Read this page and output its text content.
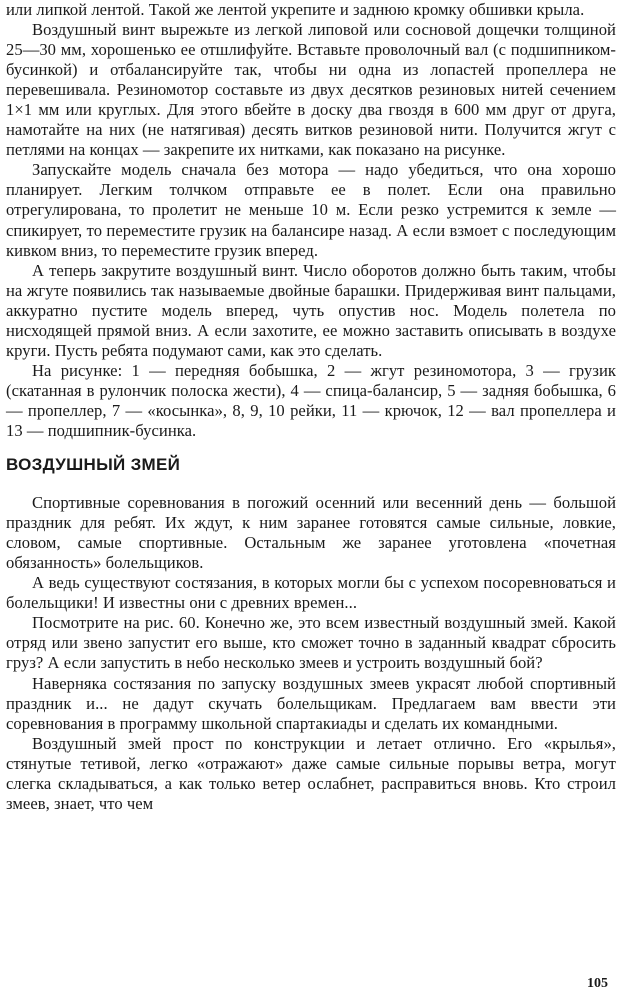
или липкой лентой. Такой же лентой укрепите и заднюю кромку обшивки крыла.

Воздушный винт вырежьте из легкой липовой или сосновой дощечки толщиной 25—30 мм, хорошенько ее отшлифуйте. Вставьте проволочный вал (с подшипником-бусинкой) и отбалансируйте так, чтобы ни одна из лопастей пропеллера не перевешивала. Резиномотор составьте из двух десятков резиновых нитей сечением 1×1 мм или круглых. Для этого вбейте в доску два гвоздя в 600 мм друг от друга, намотайте на них (не натягивая) десять витков резиновой нити. Получится жгут с петлями на концах — закрепите их нитками, как показано на рисунке.

Запускайте модель сначала без мотора — надо убедиться, что она хорошо планирует. Легким толчком отправьте ее в полет. Если она правильно отрегулирована, то пролетит не меньше 10 м. Если резко устремится к земле — спикирует, то переместите грузик на балансире назад. А если взмоет с последующим кивком вниз, то переместите грузик вперед.

А теперь закрутите воздушный винт. Число оборотов должно быть таким, чтобы на жгуте появились так называемые двойные барашки. Придерживая винт пальцами, аккуратно пустите модель вперед, чуть опустив нос. Модель полетела по нисходящей прямой вниз. А если захотите, ее можно заставить описывать в воздухе круги. Пусть ребята подумают сами, как это сделать.

На рисунке: 1 — передняя бобышка, 2 — жгут резиномотора, 3 — грузик (скатанная в рулончик полоска жести), 4 — спица-балансир, 5 — задняя бобышка, 6 — пропеллер, 7 — «косынка», 8, 9, 10 рейки, 11 — крючок, 12 — вал пропеллера и 13 — подшипник-бусинка.

ВОЗДУШНЫЙ ЗМЕЙ

Спортивные соревнования в погожий осенний или весенний день — большой праздник для ребят. Их ждут, к ним заранее готовятся самые сильные, ловкие, словом, самые спортивные. Остальным же заранее уготовлена «почетная обязанность» болельщиков.

А ведь существуют состязания, в которых могли бы с успехом посоревноваться и болельщики! И известны они с древних времен...

Посмотрите на рис. 60. Конечно же, это всем известный воздушный змей. Какой отряд или звено запустит его выше, кто сможет точно в заданный квадрат сбросить груз? А если запустить в небо несколько змеев и устроить воздушный бой?

Наверняка состязания по запуску воздушных змеев украсят любой спортивный праздник и... не дадут скучать болельщикам. Предлагаем вам ввести эти соревнования в программу школьной спартакиады и сделать их командными.

Воздушный змей прост по конструкции и летает отлично. Его «крылья», стянутые тетивой, легко «отражают» даже самые сильные порывы ветра, могут слегка складываться, а как только ветер ослабнет, расправиться вновь. Кто строил змеев, знает, что чем

105
